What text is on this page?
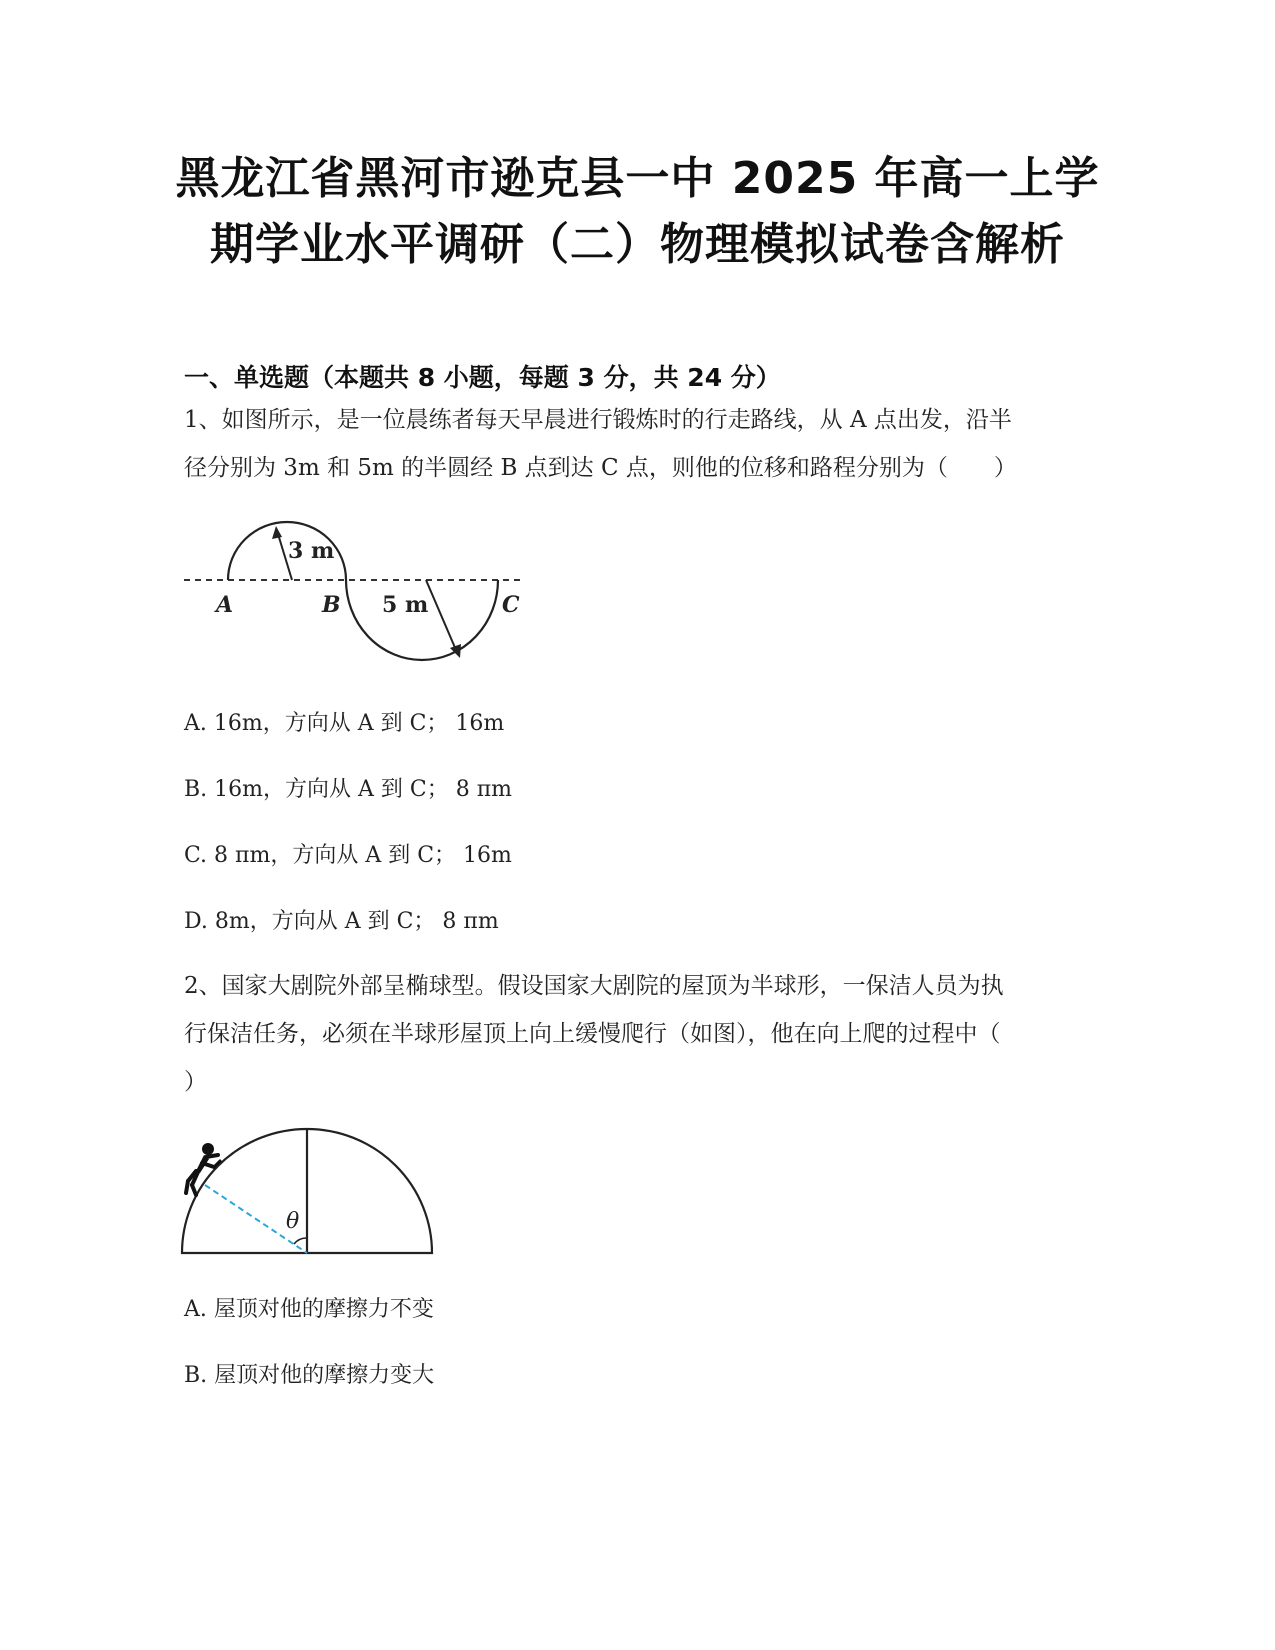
黑龙江省黑河市逊克县一中 2025 年高一上学
期学业水平调研（二）物理模拟试卷含解析
一、单选题（本题共 8 小题，每题 3 分，共 24 分）
1、如图所示，是一位晨练者每天早晨进行锻炼时的行走路线，从 A 点出发，沿半
径分别为 3m 和 5m 的半圆经 B 点到达 C 点，则他的位移和路程分别为（　　）
3 m
5 m
A	B	C
A. 16m，方向从 A 到 C； 16m
B. 16m，方向从 A 到 C； 8 πm
C. 8 πm，方向从 A 到 C； 16m
D. 8m，方向从 A 到 C； 8 πm
2、国家大剧院外部呈椭球型。假设国家大剧院的屋顶为半球形，一保洁人员为执
行保洁任务，必须在半球形屋顶上向上缓慢爬行（如图），他在向上爬的过程中（
）
θ
A. 屋顶对他的摩擦力不变
B. 屋顶对他的摩擦力变大
